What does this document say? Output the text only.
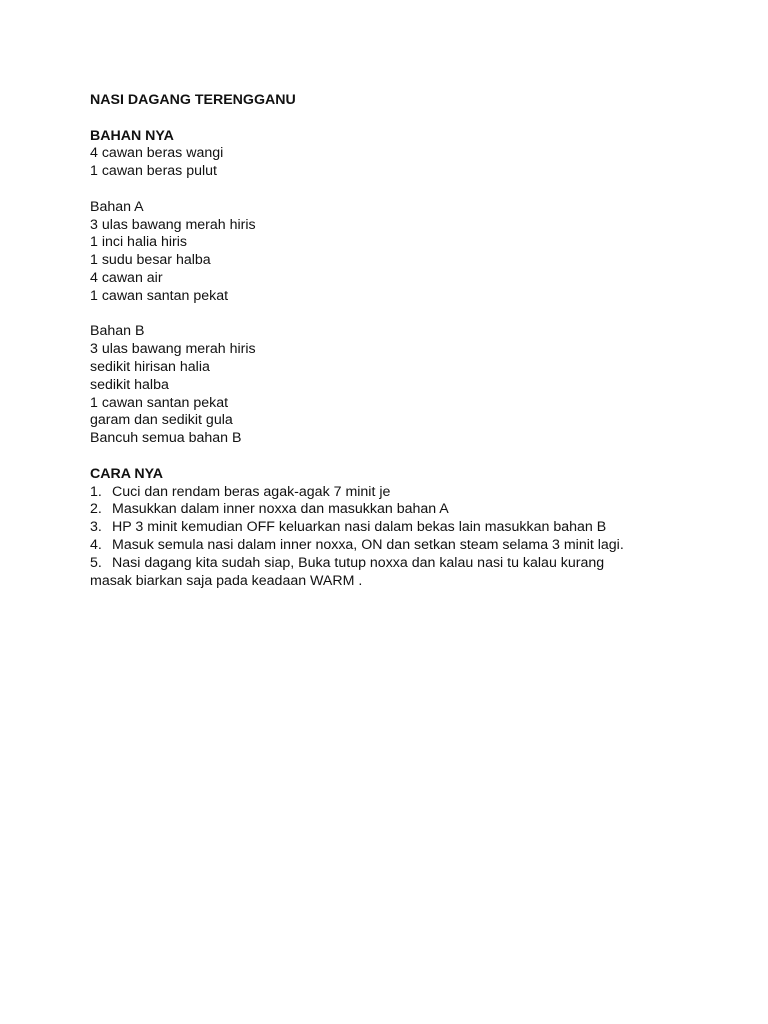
NASI DAGANG TERENGGANU
BAHAN NYA
4 cawan beras wangi
1 cawan beras pulut
Bahan A
3 ulas bawang merah hiris
1 inci halia hiris
1 sudu besar halba
4 cawan air
1 cawan santan pekat
Bahan B
3 ulas bawang merah hiris
sedikit hirisan halia
sedikit halba
1 cawan santan pekat
garam dan sedikit gula
Bancuh semua bahan B
CARA NYA
1. Cuci dan rendam beras agak-agak 7 minit je
2. Masukkan dalam inner noxxa dan masukkan bahan A
3. HP 3 minit kemudian OFF keluarkan nasi dalam bekas lain masukkan bahan B
4. Masuk semula nasi dalam inner noxxa, ON dan setkan steam selama 3 minit lagi.
5. Nasi dagang kita sudah siap, Buka tutup noxxa dan kalau nasi tu kalau kurang
masak biarkan saja pada keadaan WARM .
